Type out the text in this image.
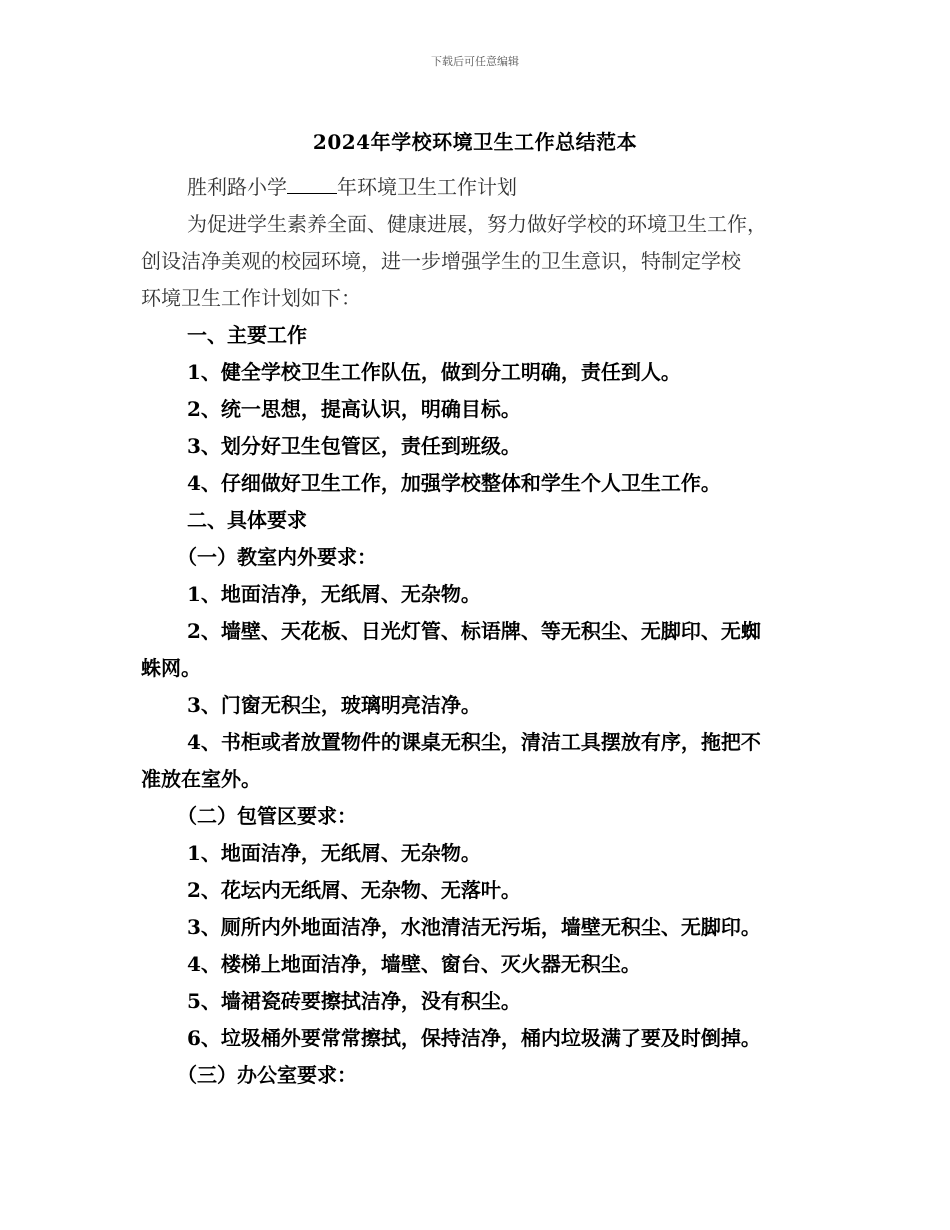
下载后可任意编辑
2024年学校环境卫生工作总结范本
胜利路小学	年环境卫生工作计划
为促进学生素养全面、健康进展，努力做好学校的环境卫生工作，
创设洁净美观的校园环境，进一步增强学生的卫生意识，特制定学校
环境卫生工作计划如下：
一、主要工作
1、健全学校卫生工作队伍，做到分工明确，责任到人。
2、统一思想，提高认识，明确目标。
3、划分好卫生包管区，责任到班级。
4、仔细做好卫生工作，加强学校整体和学生个人卫生工作。
二、具体要求
（一）教室内外要求：
1、地面洁净，无纸屑、无杂物。
2、墙壁、天花板、日光灯管、标语牌、等无积尘、无脚印、无蜘
蛛网。
3、门窗无积尘，玻璃明亮洁净。
4、书柜或者放置物件的课桌无积尘，清洁工具摆放有序，拖把不
准放在室外。
（二）包管区要求：
1、地面洁净，无纸屑、无杂物。
2、花坛内无纸屑、无杂物、无落叶。
3、厕所内外地面洁净，水池清洁无污垢，墙壁无积尘、无脚印。
4、楼梯上地面洁净，墙壁、窗台、灭火器无积尘。
5、墙裙瓷砖要擦拭洁净，没有积尘。
6、垃圾桶外要常常擦拭，保持洁净，桶内垃圾满了要及时倒掉。
（三）办公室要求：
